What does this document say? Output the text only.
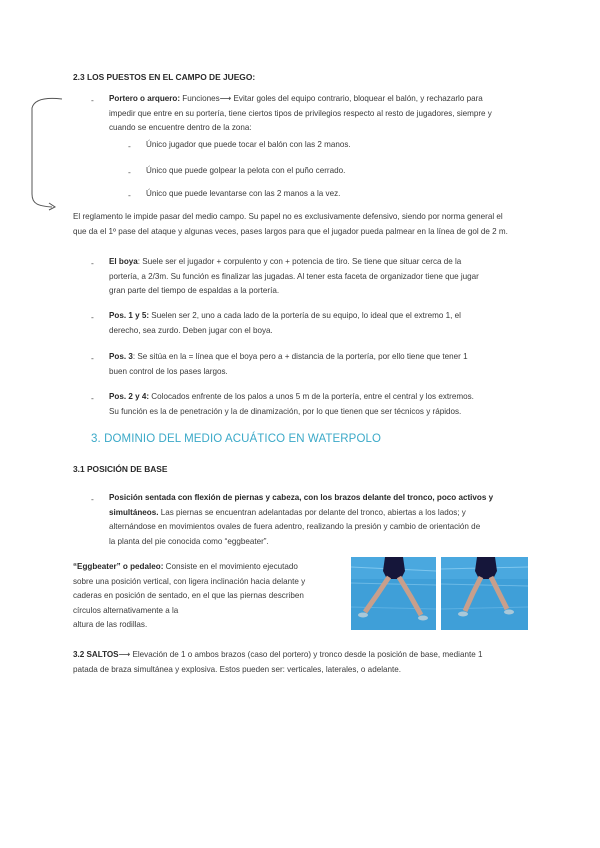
2.3 LOS PUESTOS EN EL CAMPO DE JUEGO:
- Portero o arquero: Funciones⟶ Evitar goles del equipo contrario, bloquear el balón, y rechazarlo para
impedir que entre en su portería, tiene ciertos tipos de privilegios respecto al resto de jugadores, siempre y
cuando se encuentre dentro de la zona:
- Único jugador que puede tocar el balón con las 2 manos.
- Único que puede golpear la pelota con el puño cerrado.
- Único que puede levantarse con las 2 manos a la vez.
El reglamento le impide pasar del medio campo. Su papel no es exclusivamente defensivo, siendo por norma general el
que da el 1º pase del ataque y algunas veces, pases largos para que el jugador pueda palmear en la línea de gol de 2 m.
- El boya: Suele ser el jugador + corpulento y con + potencia de tiro. Se tiene que situar cerca de la
portería, a 2/3m. Su función es finalizar las jugadas. Al tener esta faceta de organizador tiene que jugar
gran parte del tiempo de espaldas a la portería.
- Pos. 1 y 5: Suelen ser 2, uno a cada lado de la portería de su equipo, lo ideal que el extremo 1, el
derecho, sea zurdo. Deben jugar con el boya.
- Pos. 3: Se sitúa en la = línea que el boya pero a + distancia de la portería, por ello tiene que tener 1
buen control de los pases largos.
- Pos. 2 y 4: Colocados enfrente de los palos a unos 5 m de la portería, entre el central y los extremos.
Su función es la de penetración y la de dinamización, por lo que tienen que ser técnicos y rápidos.
3. DOMINIO DEL MEDIO ACUÁTICO EN WATERPOLO
3.1 POSICIÓN DE BASE
- Posición sentada con flexión de piernas y cabeza, con los brazos delante del tronco, poco activos y
simultáneos. Las piernas se encuentran adelantadas por delante del tronco, abiertas a los lados; y
alternándose en movimientos ovales de fuera adentro, realizando la presión y cambio de orientación de
la planta del pie conocida como “eggbeater”.
“Eggbeater” o pedaleo: Consiste en el movimiento ejecutado
sobre una posición vertical, con ligera inclinación hacia delante y
caderas en posición de sentado, en el que las piernas describen
círculos alternativamente a la
altura de las rodillas.
3.2 SALTOS⟶ Elevación de 1 o ambos brazos (caso del portero) y tronco desde la posición de base, mediante 1
patada de braza simultánea y explosiva. Estos pueden ser: verticales, laterales, o adelante.
